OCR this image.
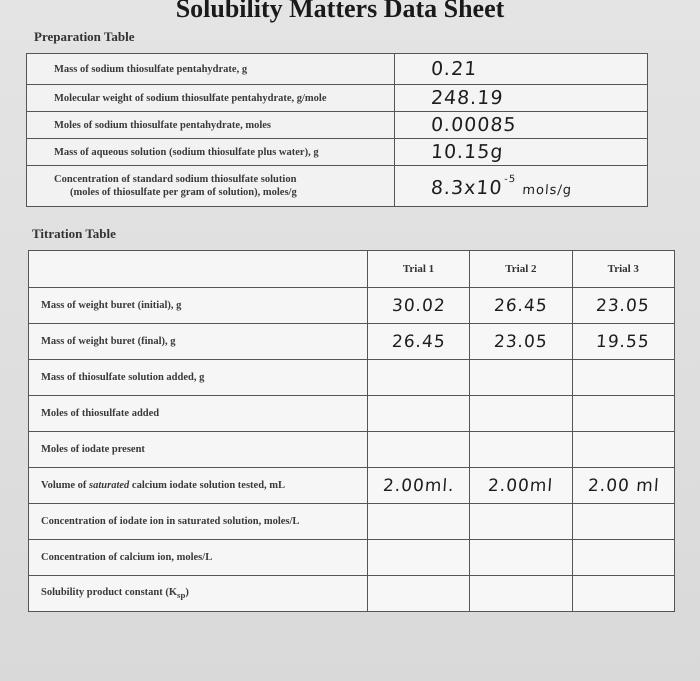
Solubility Matters Data Sheet
Preparation Table
Mass of sodium thiosulfate pentahydrate, g	0.21
Molecular weight of sodium thiosulfate pentahydrate, g/mole	248.19
Moles of sodium thiosulfate pentahydrate, moles	0.00085
Mass of aqueous solution (sodium thiosulfate plus water), g	10.15g

Concentration of standard sodium thiosulfate solution
(moles of thiosulfate per gram of solution), moles/g	$8.3x10^{-5}$ mols/g
Titration Table
	Trial 1	Trial 2	Trial 3
Mass of weight buret (initial), g	30.02	26.45	23.05
Mass of weight buret (final), g	26.45	23.05	19.55
Mass of thiosulfate solution added, g			
Moles of thiosulfate added			
Moles of iodate present			
Volume of saturated calcium iodate solution tested, mL	2.00ml.	2.00ml	2.00 ml
Concentration of iodate ion in saturated solution, moles/L			
Concentration of calcium ion, moles/L			
Solubility product constant $(K_{sp})$			
